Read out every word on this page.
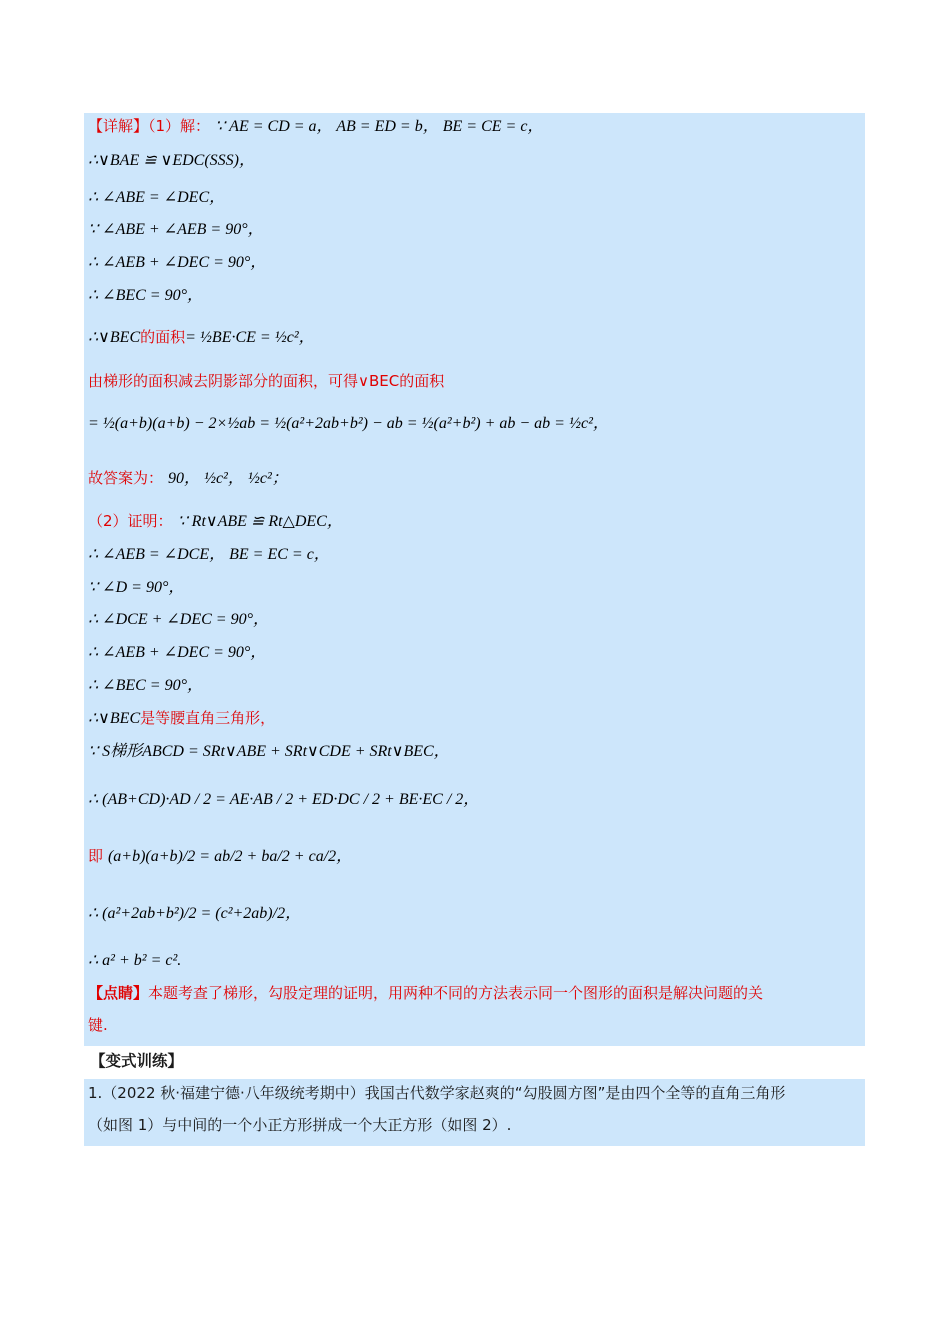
【详解】（1）解： ∵ AE = CD = a， AB = ED = b， BE = CE = c，
∴∨BAE ≌ ∨EDC(SSS)，
∴ ∠ABE = ∠DEC，
∵ ∠ABE + ∠AEB = 90°，
∴ ∠AEB + ∠DEC = 90°，
∴ ∠BEC = 90°，
∴∨BEC的面积= ½BE·CE = ½c²，
由梯形的面积减去阴影部分的面积，可得∨BEC的面积
= ½(a+b)(a+b) − 2×½ab = ½(a²+2ab+b²) − ab = ½(a²+b²) + ab − ab = ½c²，
故答案为： 90， ½c²， ½c²；
（2）证明： ∵ Rt∨ABE ≌ Rt△DEC，
∴ ∠AEB = ∠DCE， BE = EC = c，
∵ ∠D = 90°，
∴ ∠DCE + ∠DEC = 90°，
∴ ∠AEB + ∠DEC = 90°，
∴ ∠BEC = 90°，
∴∨BEC是等腰直角三角形，
∵ S梯形ABCD = SRt∨ABE + SRt∨CDE + SRt∨BEC，
∴ (AB+CD)·AD / 2 = AE·AB / 2 + ED·DC / 2 + BE·EC / 2，
即 (a+b)(a+b)/2 = ab/2 + ba/2 + ca/2，
∴ (a²+2ab+b²)/2 = (c²+2ab)/2，
∴ a² + b² = c².
【点睛】本题考查了梯形，勾股定理的证明，用两种不同的方法表示同一个图形的面积是解决问题的关
键.
【变式训练】
1.（2022 秋·福建宁德·八年级统考期中）我国古代数学家赵爽的“勾股圆方图”是由四个全等的直角三角形
（如图 1）与中间的一个小正方形拼成一个大正方形（如图 2）.
